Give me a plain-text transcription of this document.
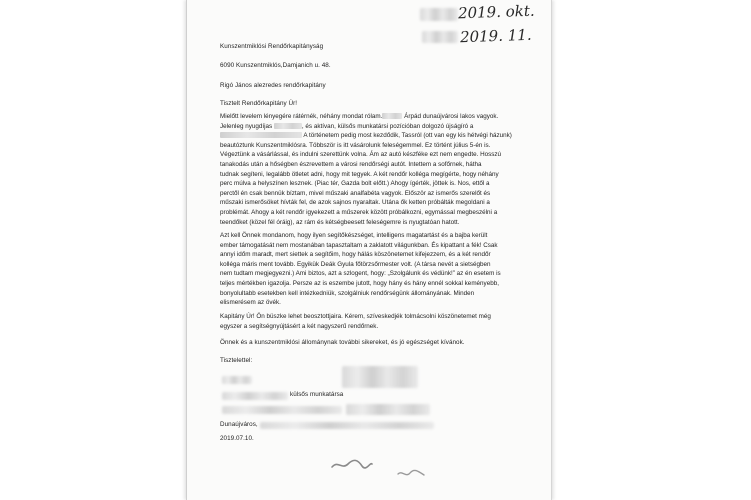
2019. okt.
2019. 11.
Kunszentmiklósi Rendőrkapitányság
6090 Kunszentmiklós,Damjanich u. 48.
Rigó János alezredes rendőrkapitány
Tisztelt Rendőrkapitány Úr!
Mielőtt levelem lényegére rátérnék, néhány mondat rólam.	Árpád dunaújvárosi lakos vagyok.
Jelenleg nyugdíjas	, és aktívan, külsős munkatársi pozícióban dolgozó újságíró a
A történetem pedig most kezdődik, Tassról (ott van egy kis hétvégi házunk)
beautóztunk Kunszentmiklósra. Többször is itt vásárolunk feleségemmel. Ez történt július 5-én is.
Végeztünk a vásárlással, és indulni szerettünk volna. Ám az autó készféke ezt nem engedte. Hosszú
tanakodás után a hőségben észrevettem a városi rendőrségi autót. Intettem a sofőrnek, hátha
tudnak segíteni, legalább ötletet adni, hogy mit tegyek. A két rendőr kolléga megígérte, hogy néhány
perc múlva a helyszínen lesznek. (Piac tér, Gazda bolt előtt.) Ahogy ígérték, jöttek is. Nos, ettől a
perctől én csak bennük bíztam, mivel műszaki analfabéta vagyok. Először az ismerős szerelőt és
műszaki ismerősöket hívták fel, de azok sajnos nyaraltak. Utána ők ketten próbálták megoldani a
problémát. Ahogy a két rendőr igyekezett a műszerek között próbálkozni, egymással megbeszélni a
teendőket (közel fél óráig), az rám és kétségbeesett feleségemre is nyugtatóan hatott.
Azt kell Önnek mondanom, hogy ilyen segítőkészséget, intelligens magatartást és a bajba került
ember támogatását nem mostanában tapasztaltam a zaklatott világunkban. És kipattant a fék! Csak
annyi időm maradt, mert siettek a segítőim, hogy hálás köszönetemet kifejezzem, és a két rendőr
kolléga máris ment tovább. Egyikük Deák Gyula főtörzsőrmester volt. (A társa nevét a sietségben
nem tudtam megjegyezni.) Ami biztos, azt a szlogent, hogy: „Szolgálunk és védünk!” az én esetem is
teljes mértékben igazolja. Persze az is eszembe jutott, hogy hány és hány ennél sokkal keményebb,
bonyolultabb esetekben kell intézkedniük, szolgálniuk rendőrségünk állományának. Minden
elismerésem az övék.
Kapitány Úr! Ön büszke lehet beosztottjaira. Kérem, szíveskedjék tolmácsolni köszönetemet még
egyszer a segítségnyújtásért a két nagyszerű rendőrnek.
Önnek és a kunszentmiklósi állománynak további sikereket, és jó egészséget kívánok.
Tisztelettel:
külsős munkatársa
Dunaújváros,
2019.07.10.
